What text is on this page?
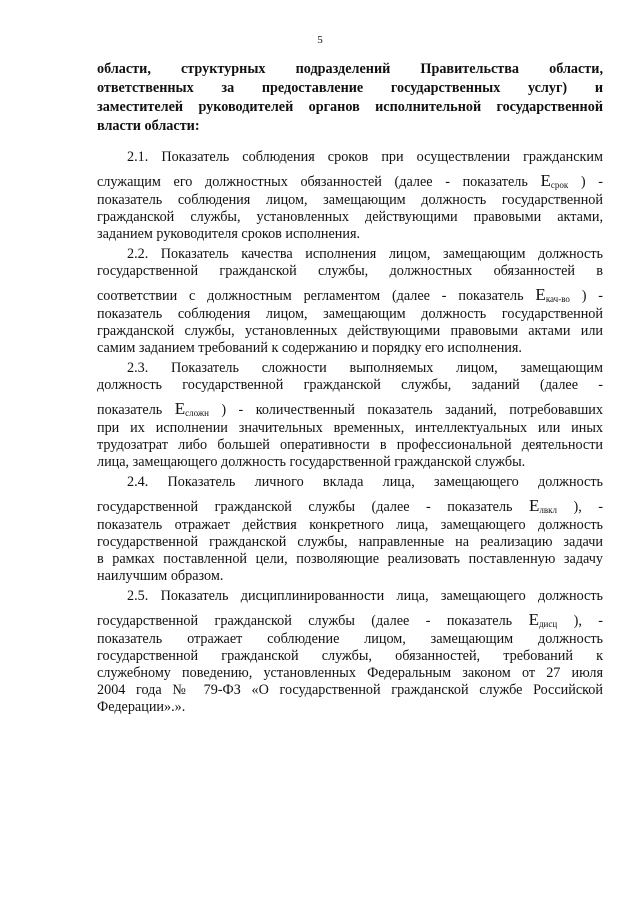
5
области, структурных подразделений Правительства области,
ответственных за предоставление государственных услуг) и
заместителей руководителей органов исполнительной государственной
власти области:
2.1. Показатель соблюдения сроков при осуществлении гражданским
служащим его должностных обязанностей (далее - показатель $Е_{срок}$ ) -
показатель соблюдения лицом, замещающим должность государственной
гражданской службы, установленных действующими правовыми актами,
заданием руководителя сроков исполнения.
2.2. Показатель качества исполнения лицом, замещающим должность
государственной гражданской службы, должностных обязанностей в
соответствии с должностным регламентом (далее - показатель $Е_{кач-во}$ ) -
показатель соблюдения лицом, замещающим должность государственной
гражданской службы, установленных действующими правовыми актами или
самим заданием требований к содержанию и порядку его исполнения.
2.3. Показатель сложности выполняемых лицом, замещающим
должность государственной гражданской службы, заданий (далее -
показатель $Е_{сложн}$ ) - количественный показатель заданий, потребовавших
при их исполнении значительных временных, интеллектуальных или иных
трудозатрат либо большей оперативности в профессиональной деятельности
лица, замещающего должность государственной гражданской службы.
2.4. Показатель личного вклада лица, замещающего должность
государственной гражданской службы (далее - показатель $Е_{лвкл}$ ), -
показатель отражает действия конкретного лица, замещающего должность
государственной гражданской службы, направленные на реализацию задачи
в рамках поставленной цели, позволяющие реализовать поставленную задачу
наилучшим образом.
2.5. Показатель дисциплинированности лица, замещающего должность
государственной гражданской службы (далее - показатель $Е_{дисц}$ ), -
показатель отражает соблюдение лицом, замещающим должность
государственной гражданской службы, обязанностей, требований к
служебному поведению, установленных Федеральным законом от 27 июля
2004 года № 79-ФЗ «О государственной гражданской службе Российской
Федерации».».
